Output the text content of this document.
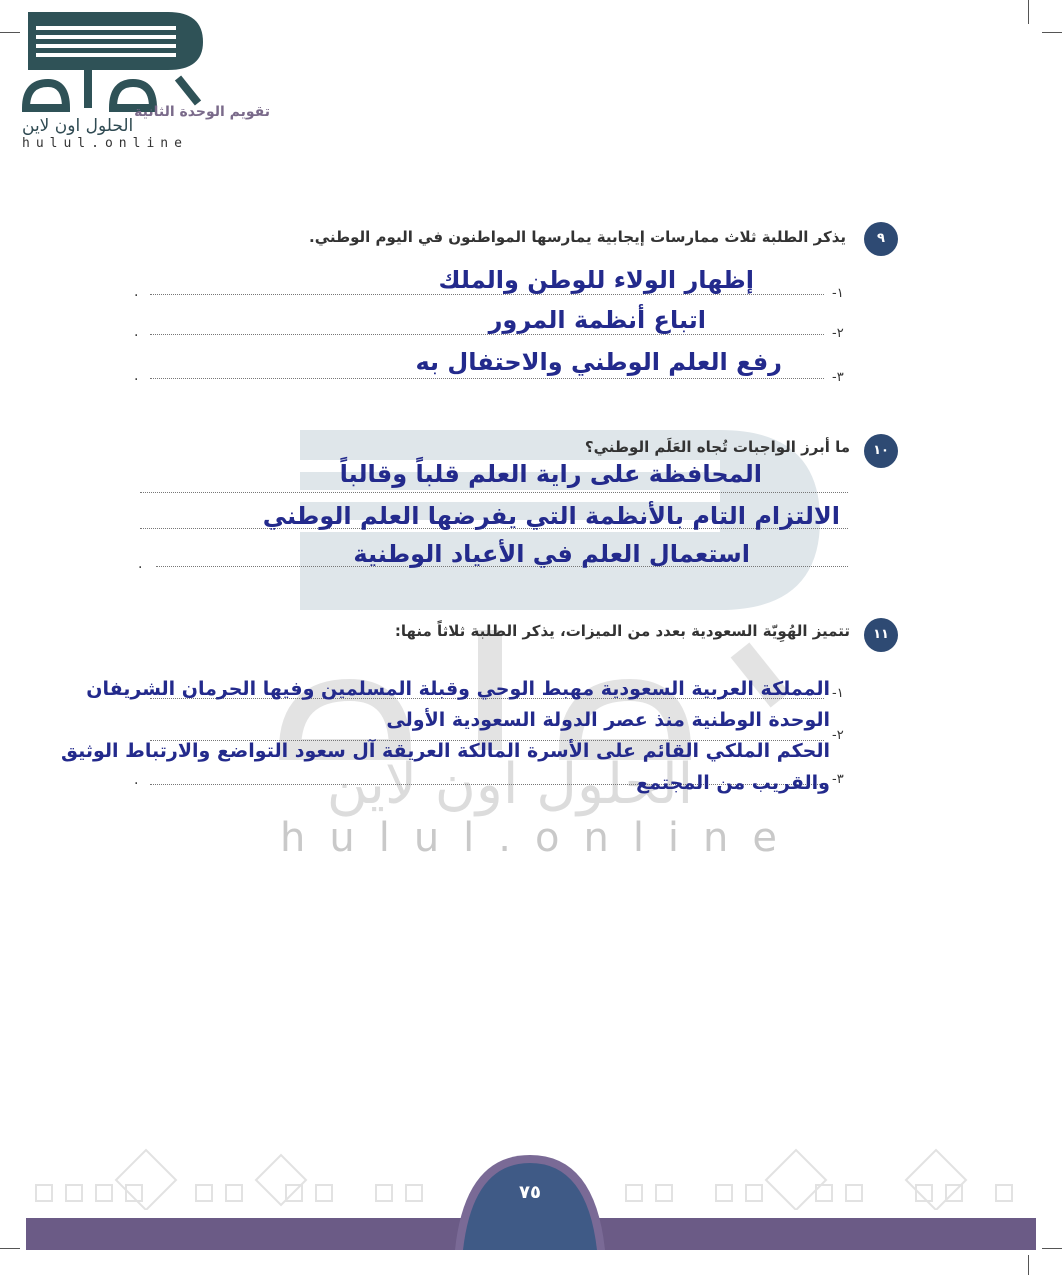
الحلول اون لاين
hulul.online
الحلول اون لاين
hulul.online
تقويم الوحدة الثانية
٩
يذكر الطلبة ثلاث ممارسات إيجابية يمارسها المواطنون في اليوم الوطني.
١-
.	إظهار الولاء للوطن والملك
٢-
.	اتباع أنظمة المرور
٣-
.	رفع العلم الوطني والاحتفال به
١٠
ما أبرز الواجبات تُجاه العَلَم الوطني؟
المحافظة على راية العلم قلباً وقالباً
الالتزام التام بالأنظمة التي يفرضها العلم الوطني
.	استعمال العلم في الأعياد الوطنية
١١
تتميز الهُوِيّة السعودية بعدد من الميزات، يذكر الطلبة ثلاثاً منها:
١-
المملكة العربية السعودية مهبط الوحي وقبلة المسلمين وفيها الحرمان الشريفان
٢-
الوحدة الوطنية منذ عصر الدولة السعودية الأولى
الحكم الملكي القائم على الأسرة المالكة العريقة آل سعود التواضع والارتباط الوثيق
٣-
.	والقريب من المجتمع
٧٥
